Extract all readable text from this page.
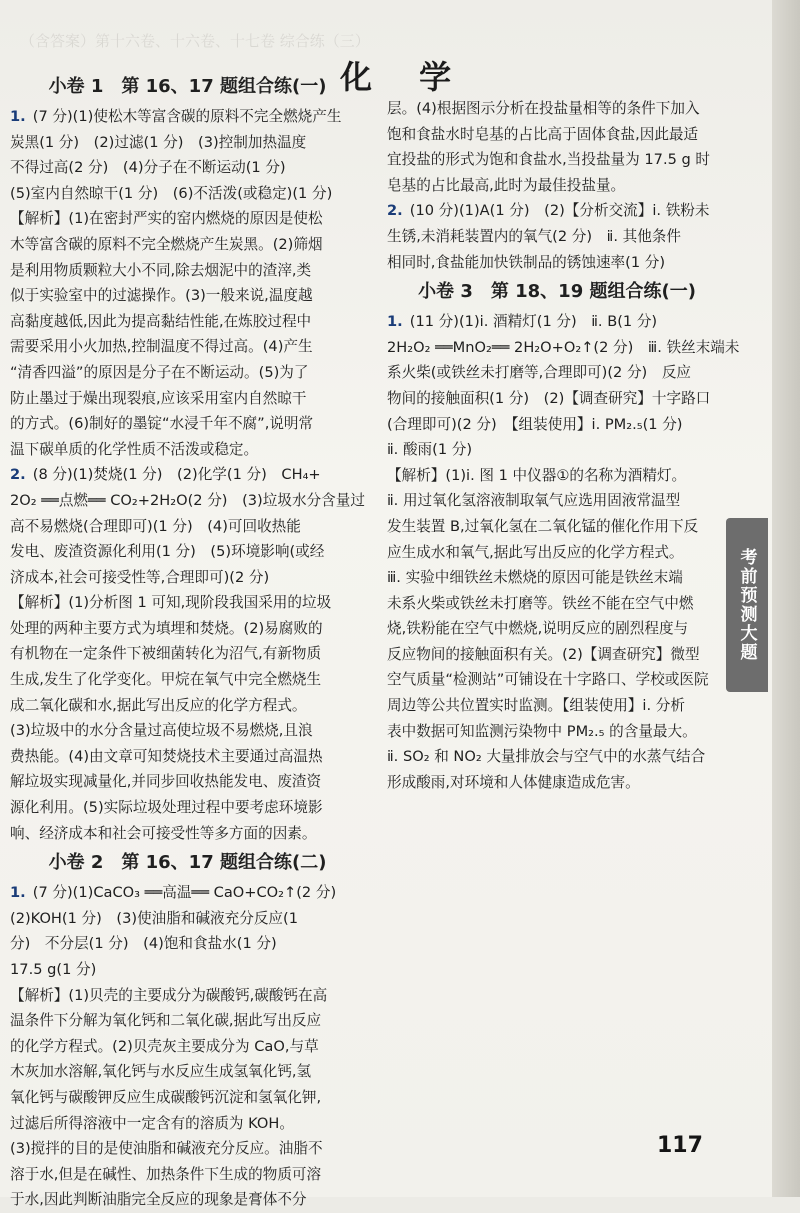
（含答案）第十六卷、十六卷、十七卷 综合练（三）
化 学
小卷 1　第 16、17 题组合练(一)
1. (7 分)(1)使松木等富含碳的原料不完全燃烧产生
炭黑(1 分)　(2)过滤(1 分)　(3)控制加热温度
不得过高(2 分)　(4)分子在不断运动(1 分)
(5)室内自然晾干(1 分)　(6)不活泼(或稳定)(1 分)
【解析】(1)在密封严实的窑内燃烧的原因是使松
木等富含碳的原料不完全燃烧产生炭黑。(2)筛烟
是利用物质颗粒大小不同,除去烟泥中的渣滓,类
似于实验室中的过滤操作。(3)一般来说,温度越
高黏度越低,因此为提高黏结性能,在炼胶过程中
需要采用小火加热,控制温度不得过高。(4)产生
“清香四溢”的原因是分子在不断运动。(5)为了
防止墨过于燥出现裂痕,应该采用室内自然晾干
的方式。(6)制好的墨锭“水浸千年不腐”,说明常
温下碳单质的化学性质不活泼或稳定。
2. (8 分)(1)焚烧(1 分)　(2)化学(1 分)　CH₄+
2O₂ ══点燃══ CO₂+2H₂O(2 分)　(3)垃圾水分含量过
高不易燃烧(合理即可)(1 分)　(4)可回收热能
发电、废渣资源化利用(1 分)　(5)环境影响(或经
济成本,社会可接受性等,合理即可)(2 分)
【解析】(1)分析图 1 可知,现阶段我国采用的垃圾
处理的两种主要方式为填埋和焚烧。(2)易腐败的
有机物在一定条件下被细菌转化为沼气,有新物质
生成,发生了化学变化。甲烷在氧气中完全燃烧生
成二氧化碳和水,据此写出反应的化学方程式。
(3)垃圾中的水分含量过高使垃圾不易燃烧,且浪
费热能。(4)由文章可知焚烧技术主要通过高温热
解垃圾实现减量化,并同步回收热能发电、废渣资
源化利用。(5)实际垃圾处理过程中要考虑环境影
响、经济成本和社会可接受性等多方面的因素。
小卷 2　第 16、17 题组合练(二)
1. (7 分)(1)CaCO₃ ══高温══ CaO+CO₂↑(2 分)
(2)KOH(1 分)　(3)使油脂和碱液充分反应(1
分)　不分层(1 分)　(4)饱和食盐水(1 分)
17.5 g(1 分)
【解析】(1)贝壳的主要成分为碳酸钙,碳酸钙在高
温条件下分解为氧化钙和二氧化碳,据此写出反应
的化学方程式。(2)贝壳灰主要成分为 CaO,与草
木灰加水溶解,氧化钙与水反应生成氢氧化钙,氢
氧化钙与碳酸钾反应生成碳酸钙沉淀和氢氧化钾,
过滤后所得溶液中一定含有的溶质为 KOH。
(3)搅拌的目的是使油脂和碱液充分反应。油脂不
溶于水,但是在碱性、加热条件下生成的物质可溶
于水,因此判断油脂完全反应的现象是膏体不分
层。(4)根据图示分析在投盐量相等的条件下加入
饱和食盐水时皂基的占比高于固体食盐,因此最适
宜投盐的形式为饱和食盐水,当投盐量为 17.5 g 时
皂基的占比最高,此时为最佳投盐量。
2. (10 分)(1)A(1 分)　(2)【分析交流】ⅰ. 铁粉未
生锈,未消耗装置内的氧气(2 分)　ⅱ. 其他条件
相同时,食盐能加快铁制品的锈蚀速率(1 分)
小卷 3　第 18、19 题组合练(一)
1. (11 分)(1)ⅰ. 酒精灯(1 分)　ⅱ. B(1 分)
2H₂O₂ ══MnO₂══ 2H₂O+O₂↑(2 分)　ⅲ. 铁丝末端未
系火柴(或铁丝未打磨等,合理即可)(2 分)　反应
物间的接触面积(1 分)　(2)【调查研究】十字路口
(合理即可)(2 分)　【组装使用】ⅰ. PM₂.₅(1 分)
ⅱ. 酸雨(1 分)
【解析】(1)ⅰ. 图 1 中仪器①的名称为酒精灯。
ⅱ. 用过氧化氢溶液制取氧气应选用固液常温型
发生装置 B,过氧化氢在二氧化锰的催化作用下反
应生成水和氧气,据此写出反应的化学方程式。
ⅲ. 实验中细铁丝未燃烧的原因可能是铁丝末端
未系火柴或铁丝未打磨等。铁丝不能在空气中燃
烧,铁粉能在空气中燃烧,说明反应的剧烈程度与
反应物间的接触面积有关。(2)【调查研究】微型
空气质量“检测站”可铺设在十字路口、学校或医院
周边等公共位置实时监测。【组装使用】ⅰ. 分析
表中数据可知监测污染物中 PM₂.₅ 的含量最大。
ⅱ. SO₂ 和 NO₂ 大量排放会与空气中的水蒸气结合
形成酸雨,对环境和人体健康造成危害。
考前预测大题
117
